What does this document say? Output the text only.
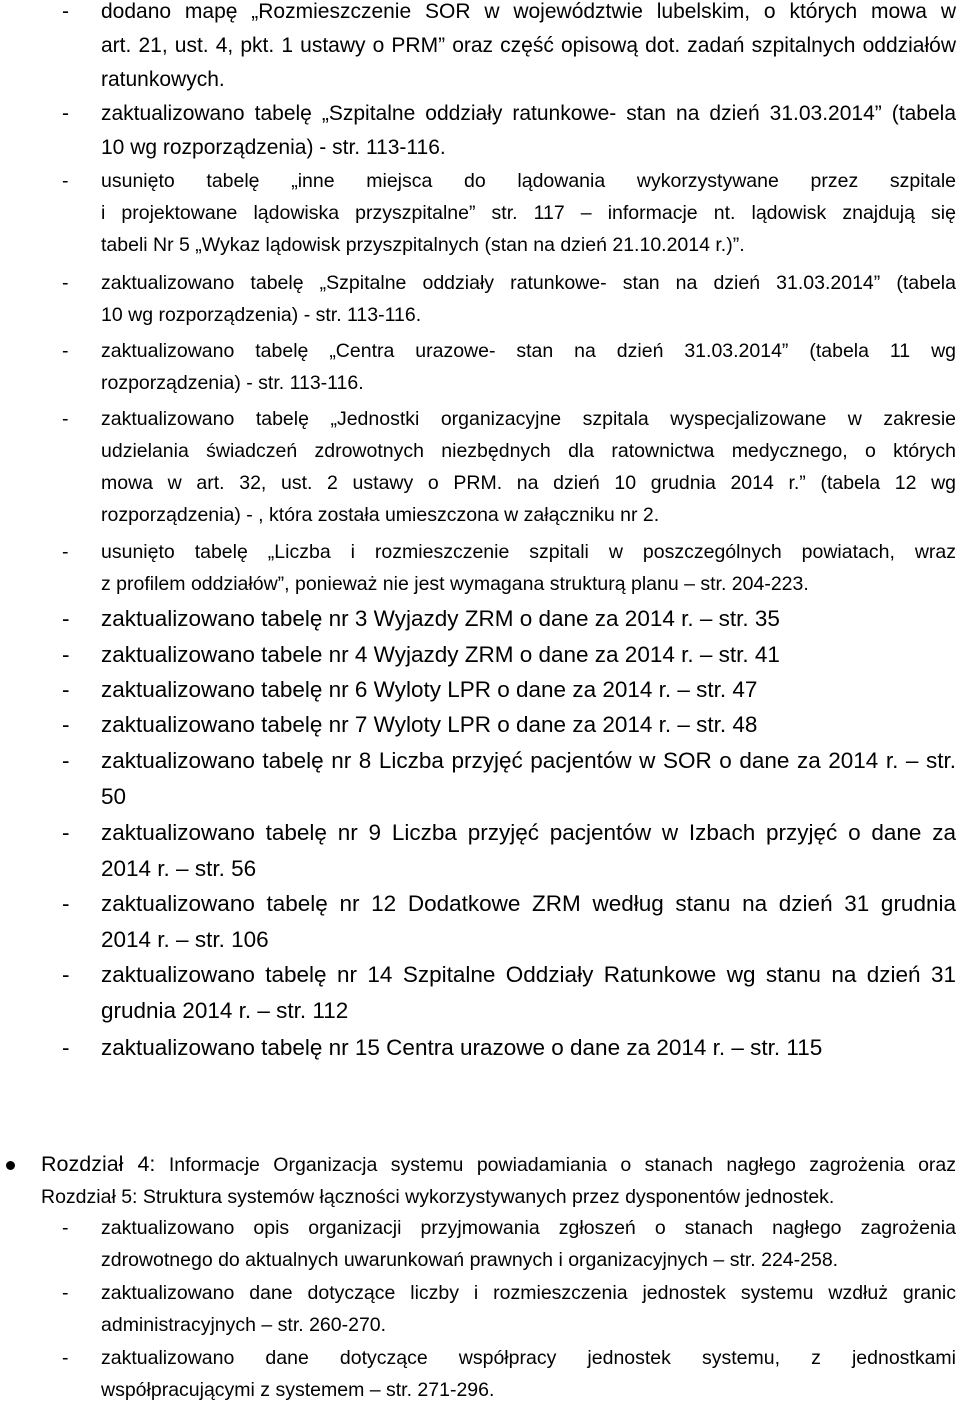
- dodano mapę „Rozmieszczenie SOR w województwie lubelskim, o których mowa w
art. 21, ust. 4, pkt. 1 ustawy o PRM” oraz część opisową dot. zadań szpitalnych oddziałów
ratunkowych.
- zaktualizowano tabelę „Szpitalne oddziały ratunkowe- stan na dzień 31.03.2014” (tabela
10 wg rozporządzenia) - str. 113-116.
- usunięto tabelę „inne miejsca do lądowania wykorzystywane przez szpitale
i projektowane lądowiska przyszpitalne” str. 117 – informacje nt. lądowisk znajdują się
tabeli Nr 5 „Wykaz lądowisk przyszpitalnych (stan na dzień 21.10.2014 r.)”.
- zaktualizowano tabelę „Szpitalne oddziały ratunkowe- stan na dzień 31.03.2014” (tabela
10 wg rozporządzenia) - str. 113-116.
- zaktualizowano tabelę „Centra urazowe- stan na dzień 31.03.2014” (tabela 11 wg
rozporządzenia) - str. 113-116.
- zaktualizowano tabelę „Jednostki organizacyjne szpitala wyspecjalizowane w zakresie
udzielania świadczeń zdrowotnych niezbędnych dla ratownictwa medycznego, o których
mowa w art. 32, ust. 2 ustawy o PRM. na dzień 10 grudnia 2014 r.” (tabela 12 wg
rozporządzenia) - , która została umieszczona w załączniku nr 2.
- usunięto tabelę „Liczba i rozmieszczenie szpitali w poszczególnych powiatach, wraz
z profilem oddziałów”, ponieważ nie jest wymagana strukturą planu – str. 204-223.
- zaktualizowano tabelę nr 3 Wyjazdy ZRM o dane za 2014 r. – str. 35
- zaktualizowano tabele nr 4 Wyjazdy ZRM o dane za 2014 r. – str. 41
- zaktualizowano tabelę nr 6 Wyloty LPR o dane za 2014 r. – str. 47
- zaktualizowano tabelę nr 7 Wyloty LPR o dane za 2014 r. – str. 48
- zaktualizowano tabelę nr 8 Liczba przyjęć pacjentów w SOR o dane za 2014 r. – str.
50
- zaktualizowano tabelę nr 9 Liczba przyjęć pacjentów w Izbach przyjęć o dane za
2014 r. – str. 56
- zaktualizowano tabelę nr 12 Dodatkowe ZRM według stanu na dzień 31 grudnia
2014 r. – str. 106
- zaktualizowano tabelę nr 14 Szpitalne Oddziały Ratunkowe wg stanu na dzień 31
grudnia 2014 r. – str. 112
- zaktualizowano tabelę nr 15 Centra urazowe o dane za 2014 r. – str. 115
Rozdział 4: Informacje Organizacja systemu powiadamiania o stanach nagłego zagrożenia oraz
Rozdział 5: Struktura systemów łączności wykorzystywanych przez dysponentów jednostek.
- zaktualizowano opis organizacji przyjmowania zgłoszeń o stanach nagłego zagrożenia
zdrowotnego do aktualnych uwarunkowań prawnych i organizacyjnych – str. 224-258.
- zaktualizowano dane dotyczące liczby i rozmieszczenia jednostek systemu wzdłuż granic
administracyjnych – str. 260-270.
- zaktualizowano dane dotyczące współpracy jednostek systemu, z jednostkami
współpracującymi z systemem – str. 271-296.
